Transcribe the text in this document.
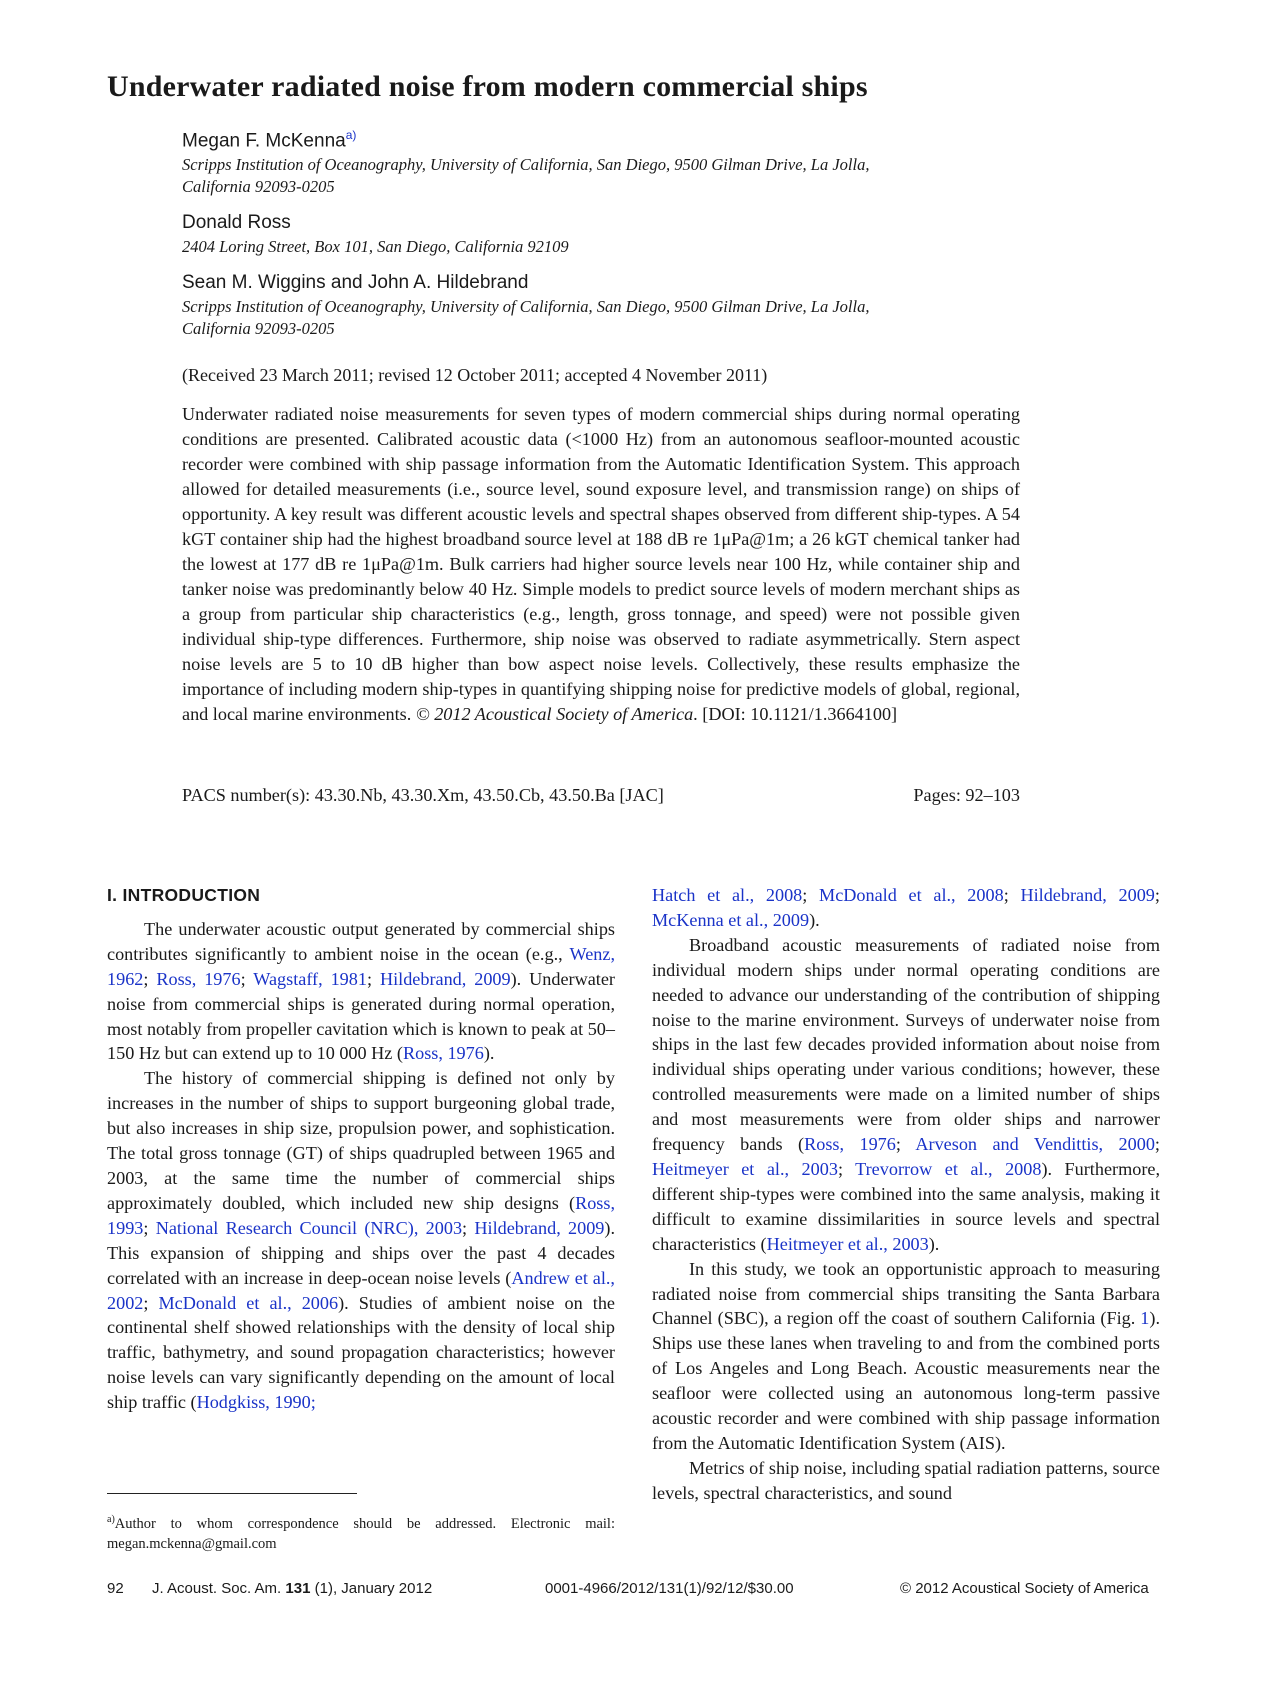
Underwater radiated noise from modern commercial ships
Megan F. McKenna$^{a)}$
Scripps Institution of Oceanography, University of California, San Diego, 9500 Gilman Drive, La Jolla,
California 92093-0205
Donald Ross
2404 Loring Street, Box 101, San Diego, California 92109
Sean M. Wiggins and John A. Hildebrand
Scripps Institution of Oceanography, University of California, San Diego, 9500 Gilman Drive, La Jolla,
California 92093-0205
(Received 23 March 2011; revised 12 October 2011; accepted 4 November 2011)
Underwater radiated noise measurements for seven types of modern commercial ships during normal operating conditions are presented. Calibrated acoustic data (<1000 Hz) from an autonomous seafloor-mounted acoustic recorder were combined with ship passage information from the Automatic Identification System. This approach allowed for detailed measurements (i.e., source level, sound exposure level, and transmission range) on ships of opportunity. A key result was different acoustic levels and spectral shapes observed from different ship-types. A 54 kGT container ship had the highest broadband source level at 188 dB re 1μPa@1m; a 26 kGT chemical tanker had the lowest at 177 dB re 1μPa@1m. Bulk carriers had higher source levels near 100 Hz, while container ship and tanker noise was predominantly below 40 Hz. Simple models to predict source levels of modern merchant ships as a group from particular ship characteristics (e.g., length, gross tonnage, and speed) were not possible given individual ship-type differences. Furthermore, ship noise was observed to radiate asymmetrically. Stern aspect noise levels are 5 to 10 dB higher than bow aspect noise levels. Collectively, these results emphasize the importance of including modern ship-types in quantifying shipping noise for predictive models of global, regional, and local marine environments. © 2012 Acoustical Society of America. [DOI: 10.1121/1.3664100]
PACS number(s): 43.30.Nb, 43.30.Xm, 43.50.Cb, 43.50.Ba [JAC]	Pages: 92–103
I. INTRODUCTION

The underwater acoustic output generated by commercial ships contributes significantly to ambient noise in the ocean (e.g., Wenz, 1962; Ross, 1976; Wagstaff, 1981; Hildebrand, 2009). Underwater noise from commercial ships is generated during normal operation, most notably from propeller cavitation which is known to peak at 50–150 Hz but can extend up to 10 000 Hz (Ross, 1976).

The history of commercial shipping is defined not only by increases in the number of ships to support burgeoning global trade, but also increases in ship size, propulsion power, and sophistication. The total gross tonnage (GT) of ships quadrupled between 1965 and 2003, at the same time the number of commercial ships approximately doubled, which included new ship designs (Ross, 1993; National Research Council (NRC), 2003; Hildebrand, 2009). This expansion of shipping and ships over the past 4 decades correlated with an increase in deep-ocean noise levels (Andrew et al., 2002; McDonald et al., 2006). Studies of ambient noise on the continental shelf showed relationships with the density of local ship traffic, bathymetry, and sound propagation characteristics; however noise levels can vary significantly depending on the amount of local ship traffic (Hodgkiss, 1990;

$^{a)}$Author to whom correspondence should be addressed. Electronic mail: megan.mckenna@gmail.com

Hatch et al., 2008; McDonald et al., 2008; Hildebrand, 2009; McKenna et al., 2009).

Broadband acoustic measurements of radiated noise from individual modern ships under normal operating conditions are needed to advance our understanding of the contribution of shipping noise to the marine environment. Surveys of underwater noise from ships in the last few decades provided information about noise from individual ships operating under various conditions; however, these controlled measurements were made on a limited number of ships and most measurements were from older ships and narrower frequency bands (Ross, 1976; Arveson and Vendittis, 2000; Heitmeyer et al., 2003; Trevorrow et al., 2008). Furthermore, different ship-types were combined into the same analysis, making it difficult to examine dissimilarities in source levels and spectral characteristics (Heitmeyer et al., 2003).

In this study, we took an opportunistic approach to measuring radiated noise from commercial ships transiting the Santa Barbara Channel (SBC), a region off the coast of southern California (Fig. 1). Ships use these lanes when traveling to and from the combined ports of Los Angeles and Long Beach. Acoustic measurements near the seafloor were collected using an autonomous long-term passive acoustic recorder and were combined with ship passage information from the Automatic Identification System (AIS).

Metrics of ship noise, including spatial radiation patterns, source levels, spectral characteristics, and sound

92 J. Acoust. Soc. Am. 131 (1), January 2012	0001-4966/2012/131(1)/92/12/$30.00	© 2012 Acoustical Society of America
